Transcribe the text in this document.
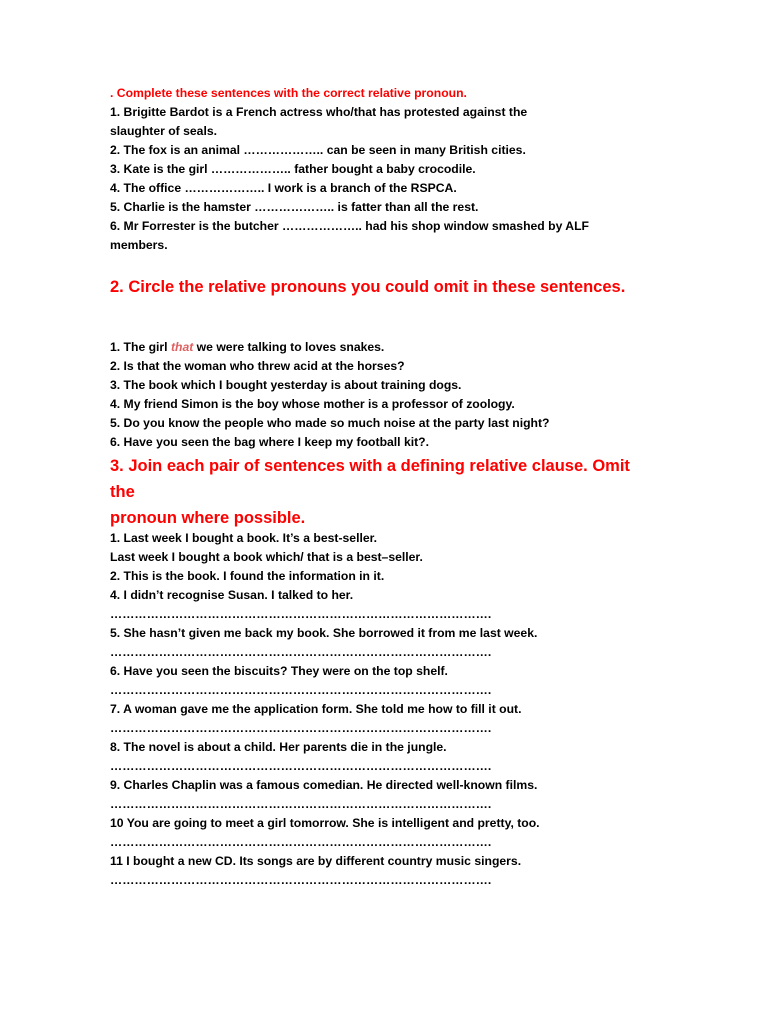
. Complete these sentences with the correct relative pronoun.

1. Brigitte Bardot is a French actress who/that has protested against the

slaughter of seals.

2. The fox is an animal ……………….. can be seen in many British cities.

3. Kate is the girl ……………….. father bought a baby crocodile.

4. The office ……………….. I work is a branch of the RSPCA.

5. Charlie is the hamster ……………….. is fatter than all the rest.

6. Mr Forrester is the butcher ……………….. had his shop window smashed by ALF

members.

2. Circle the relative pronouns you could omit in these sentences.

1. The girl that we were talking to loves snakes.

2. Is that the woman who threw acid at the horses?

3. The book which I bought yesterday is about training dogs.

4. My friend Simon is the boy whose mother is a professor of zoology.

5. Do you know the people who made so much noise at the party last night?

6. Have you seen the bag where I keep my football kit?.

3. Join each pair of sentences with a defining relative clause. Omit

the

pronoun where possible.

1. Last week I bought a book. It’s a best-seller.

Last week I bought a book which/ that is a best–seller.

2. This is the book. I found the information in it.

4. I didn’t recognise Susan. I talked to her.

………………………………………………………………………………….

5. She hasn’t given me back my book. She borrowed it from me last week.

………………………………………………………………………………….

6. Have you seen the biscuits? They were on the top shelf.

………………………………………………………………………………….

7. A woman gave me the application form. She told me how to fill it out.

………………………………………………………………………………….

8. The novel is about a child. Her parents die in the jungle.

………………………………………………………………………………….

9. Charles Chaplin was a famous comedian. He directed well-known films.

………………………………………………………………………………….

10 You are going to meet a girl tomorrow. She is intelligent and pretty, too.

………………………………………………………………………………….

11 I bought a new CD. Its songs are by different country music singers.

………………………………………………………………………………….
